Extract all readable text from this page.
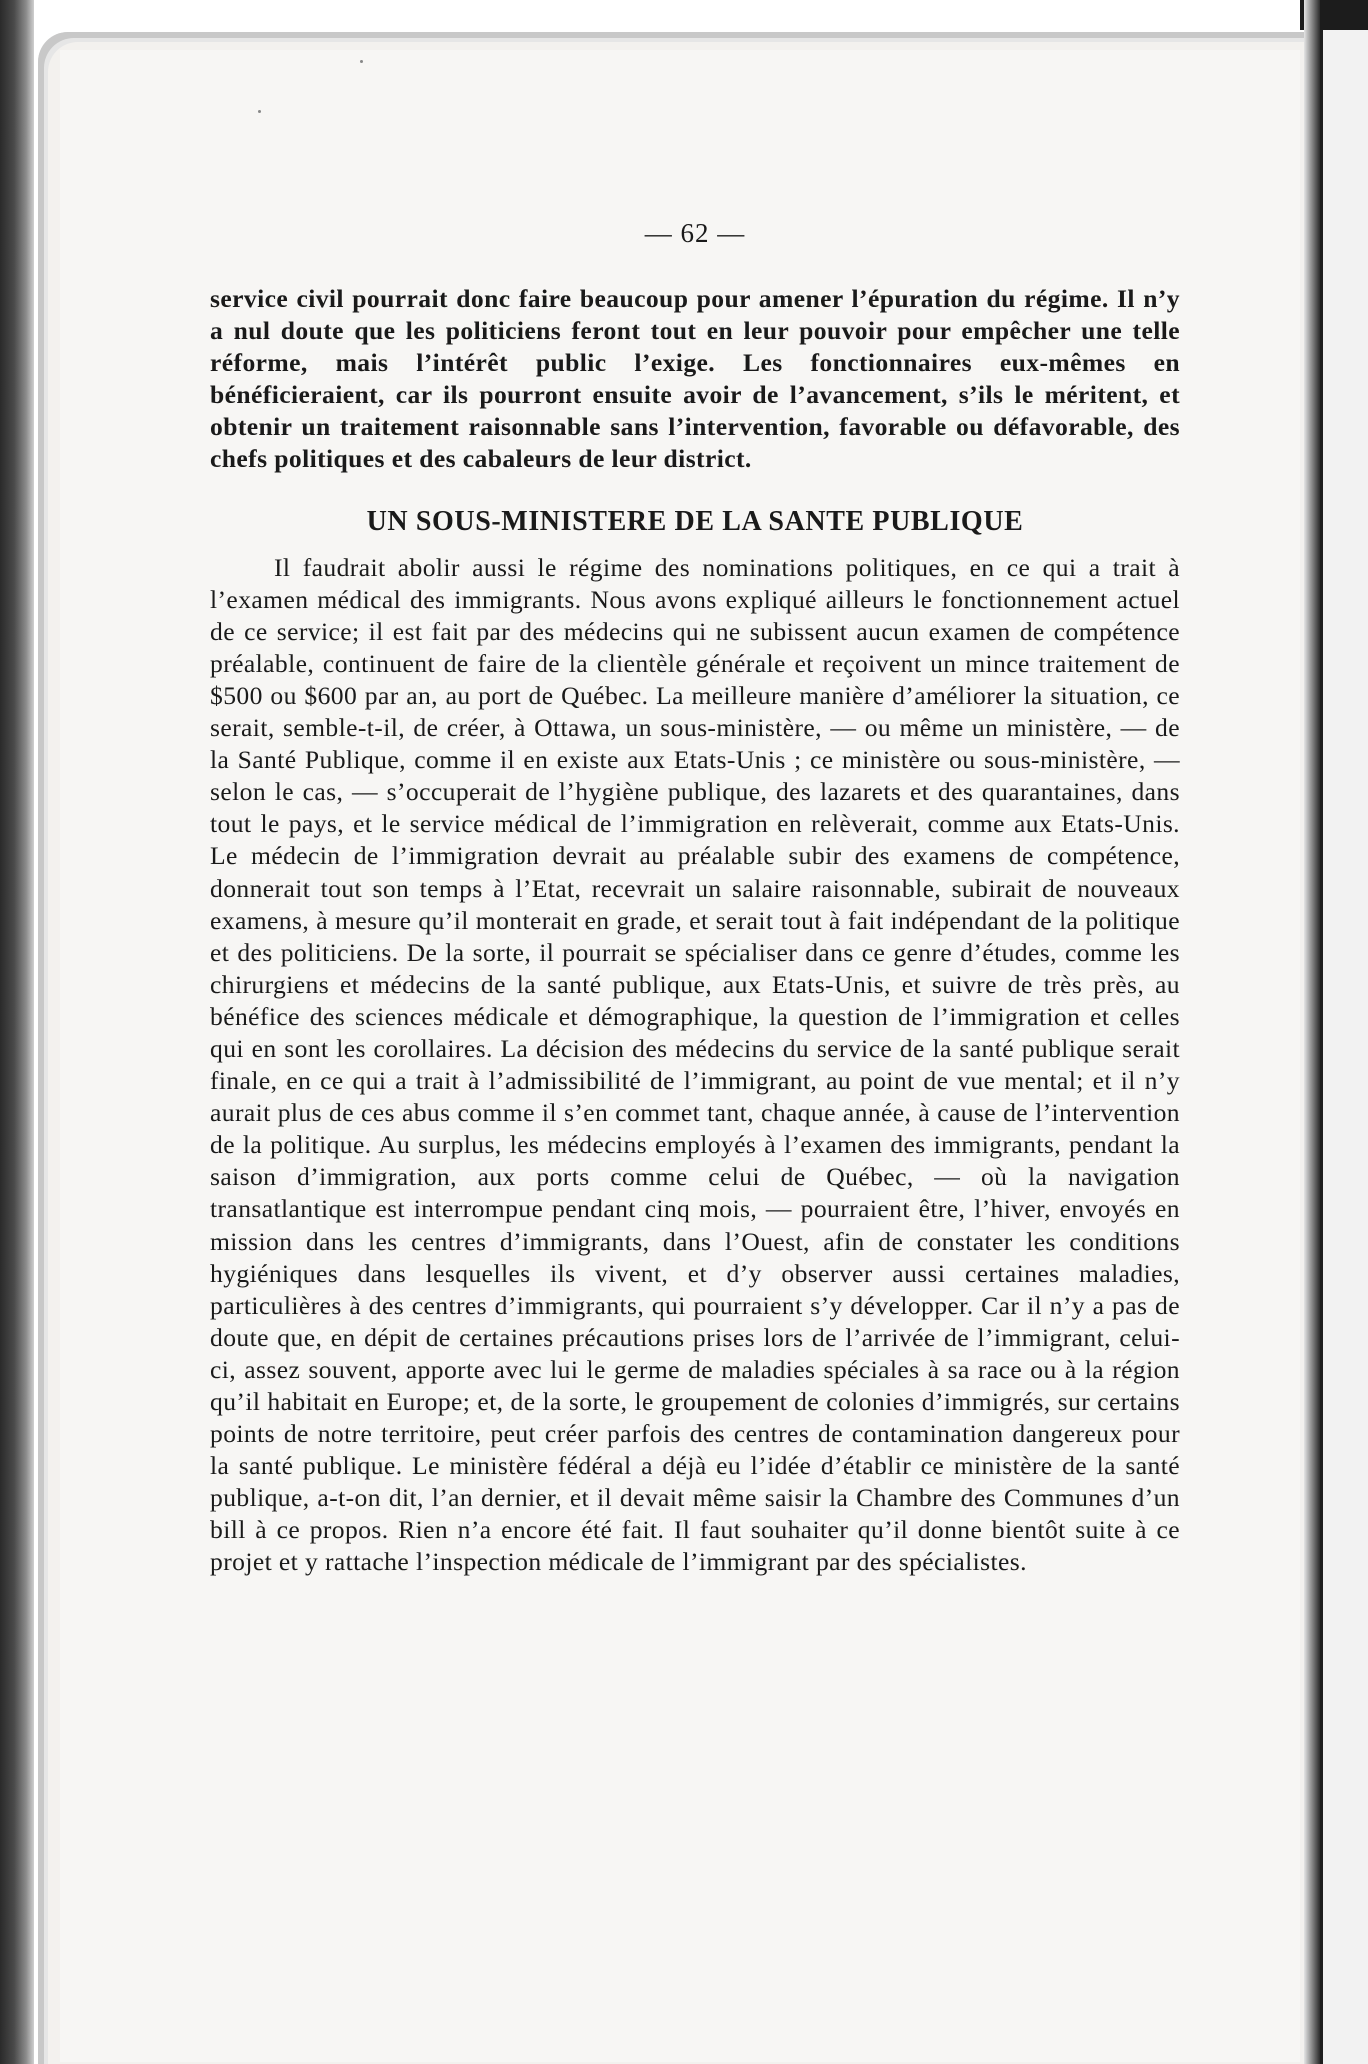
— 62 —

service civil pourrait donc faire beaucoup pour amener l’épuration du régime. Il n’y a nul doute que les politiciens feront tout en leur pouvoir pour empêcher une telle réforme, mais l’intérêt public l’exige. Les fonctionnaires eux-mêmes en bénéficieraient, car ils pourront ensuite avoir de l’avancement, s’ils le méritent, et obtenir un traitement raisonnable sans l’intervention, favorable ou défavorable, des chefs politiques et des cabaleurs de leur district.

UN SOUS-MINISTERE DE LA SANTE PUBLIQUE

Il faudrait abolir aussi le régime des nominations politiques, en ce qui a trait à l’examen médical des immigrants. Nous avons expliqué ailleurs le fonctionnement actuel de ce service; il est fait par des médecins qui ne subissent aucun examen de compétence préalable, continuent de faire de la clientèle générale et reçoivent un mince traitement de $500 ou $600 par an, au port de Québec. La meilleure manière d’améliorer la situation, ce serait, semble-t-il, de créer, à Ottawa, un sous-ministère, — ou même un ministère, — de la Santé Publique, comme il en existe aux Etats-Unis ; ce ministère ou sous-ministère, — selon le cas, — s’occuperait de l’hygiène publique, des lazarets et des quarantaines, dans tout le pays, et le service médical de l’immigration en relèverait, comme aux Etats-Unis. Le médecin de l’immigration devrait au préalable subir des examens de compétence, donnerait tout son temps à l’Etat, recevrait un salaire raisonnable, subirait de nouveaux examens, à mesure qu’il monterait en grade, et serait tout à fait indépendant de la politique et des politiciens. De la sorte, il pourrait se spécialiser dans ce genre d’études, comme les chirurgiens et médecins de la santé publique, aux Etats-Unis, et suivre de très près, au bénéfice des sciences médicale et démographique, la question de l’immigration et celles qui en sont les corollaires. La décision des médecins du service de la santé publique serait finale, en ce qui a trait à l’admissibilité de l’immigrant, au point de vue mental; et il n’y aurait plus de ces abus comme il s’en commet tant, chaque année, à cause de l’intervention de la politique. Au surplus, les médecins employés à l’examen des immigrants, pendant la saison d’immigration, aux ports comme celui de Québec, — où la navigation transatlantique est interrompue pendant cinq mois, — pourraient être, l’hiver, envoyés en mission dans les centres d’immigrants, dans l’Ouest, afin de constater les conditions hygiéniques dans lesquelles ils vivent, et d’y observer aussi certaines maladies, particulières à des centres d’immigrants, qui pourraient s’y développer. Car il n’y a pas de doute que, en dépit de certaines précautions prises lors de l’arrivée de l’immigrant, celui-ci, assez souvent, apporte avec lui le germe de maladies spéciales à sa race ou à la région qu’il habitait en Europe; et, de la sorte, le groupement de colonies d’immigrés, sur certains points de notre territoire, peut créer parfois des centres de contamination dangereux pour la santé publique. Le ministère fédéral a déjà eu l’idée d’établir ce ministère de la santé publique, a-t-on dit, l’an dernier, et il devait même saisir la Chambre des Communes d’un bill à ce propos. Rien n’a encore été fait. Il faut souhaiter qu’il donne bientôt suite à ce projet et y rattache l’inspection médicale de l’immigrant par des spécialistes.
